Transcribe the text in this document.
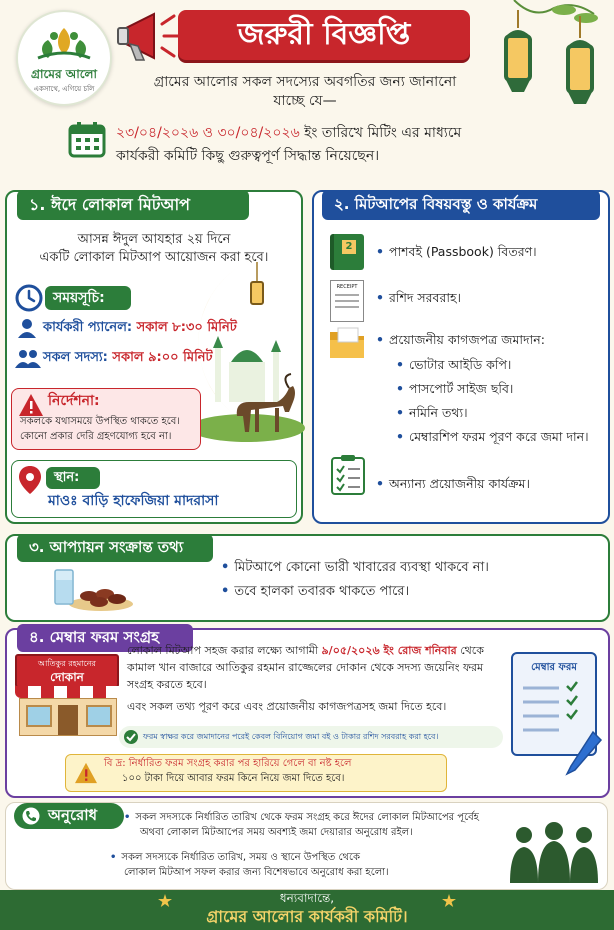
গ্রামের আলো
একসাথে, এগিয়ে চলি
জরুরী বিজ্ঞপ্তি
গ্রামের আলোর সকল সদস্যের অবগতির জন্য জানানো
যাচ্ছে যে—
২৩/০৪/২০২৬ ও ৩০/০৪/২০২৬ ইং তারিখে মিটিং এর মাধ্যমে
কার্যকরী কমিটি কিছু গুরুত্বপূর্ণ সিদ্ধান্ত নিয়েছেন।
১. ঈদে লোকাল মিটআপ
আসন্ন ঈদুল আযহার ২য় দিনে
একটি লোকাল মিটআপ আয়োজন করা হবে।
সময়সূচি:
কার্যকরী প্যানেল: সকাল ৮:৩০ মিনিট
সকল সদস্য: সকাল ৯:০০ মিনিট
নির্দেশনা:
সকলকে যথাসময়ে উপস্থিত থাকতে হবে।
কোনো প্রকার দেরি গ্রহণযোগ্য হবে না।
স্থান:
মাওঃ বাড়ি হাফেজিয়া মাদরাসা
২. মিটআপের বিষয়বস্তু ও কার্যক্রম
2 • পাশবই (Passbook) বিতরণ।
RECEIPT
• রশিদ সরবরাহ।
• প্রয়োজনীয় কাগজপত্র জমাদান:
• ভোটার আইডি কপি।
• পাসপোর্ট সাইজ ছবি।
• নমিনি তথ্য।
• মেম্বারশিপ ফরম পূরণ করে জমা দান।
• অন্যান্য প্রয়োজনীয় কার্যক্রম।
৩. আপ্যায়ন সংক্রান্ত তথ্য
• মিটআপে কোনো ভারী খাবারের ব্যবস্থা থাকবে না।
• তবে হালকা তবারক থাকতে পারে।
৪. মেম্বার ফরম সংগ্রহ
আতিকুর রহমানের
দোকান
লোকাল মিটআপ সহজ করার লক্ষ্যে আগামী ৯/০৫/২০২৬ ইং রোজ শনিবার থেকে
কামাল খান বাজারে আতিকুর রহমান রাজ্জেলের দোকান থেকে সদস্য জয়েনিং ফরম
সংগ্রহ করতে হবে।
এবং সকল তথ্য পূরণ করে এবং প্রয়োজনীয় কাগজপত্রসহ জমা দিতে হবে।
ফরম স্বাক্ষর করে জমাদানের পরেই কেবল বিনিয়োগ জমা বই ও টাকার রশিদ সরবরাহ করা হবে।
বি দ্র: নির্ধারিত ফরম সংগ্রহ করার পর হারিয়ে গেলে বা নষ্ট হলে
১০০ টাকা দিয়ে আবার ফরম কিনে নিয়ে জমা দিতে হবে।
মেম্বার ফরম
অনুরোধ	• সকল সদস্যকে নির্ধারিত তারিখ থেকে ফরম সংগ্রহ করে ঈদের লোকাল মিটআপের পূর্বেহ
অথবা লোকাল মিটআপের সময় অবশ্যই জমা দেয়ারার অনুরোধ রইল।
• সকল সদস্যকে নির্ধারিত তারিখ, সময় ও স্থানে উপস্থিত থেকে
লোকাল মিটআপ সফল করার জন্য বিশেষভাবে অনুরোধ করা হলো।
ধন্যবাদান্তে,
গ্রামের আলোর কার্যকরী কমিটি।
